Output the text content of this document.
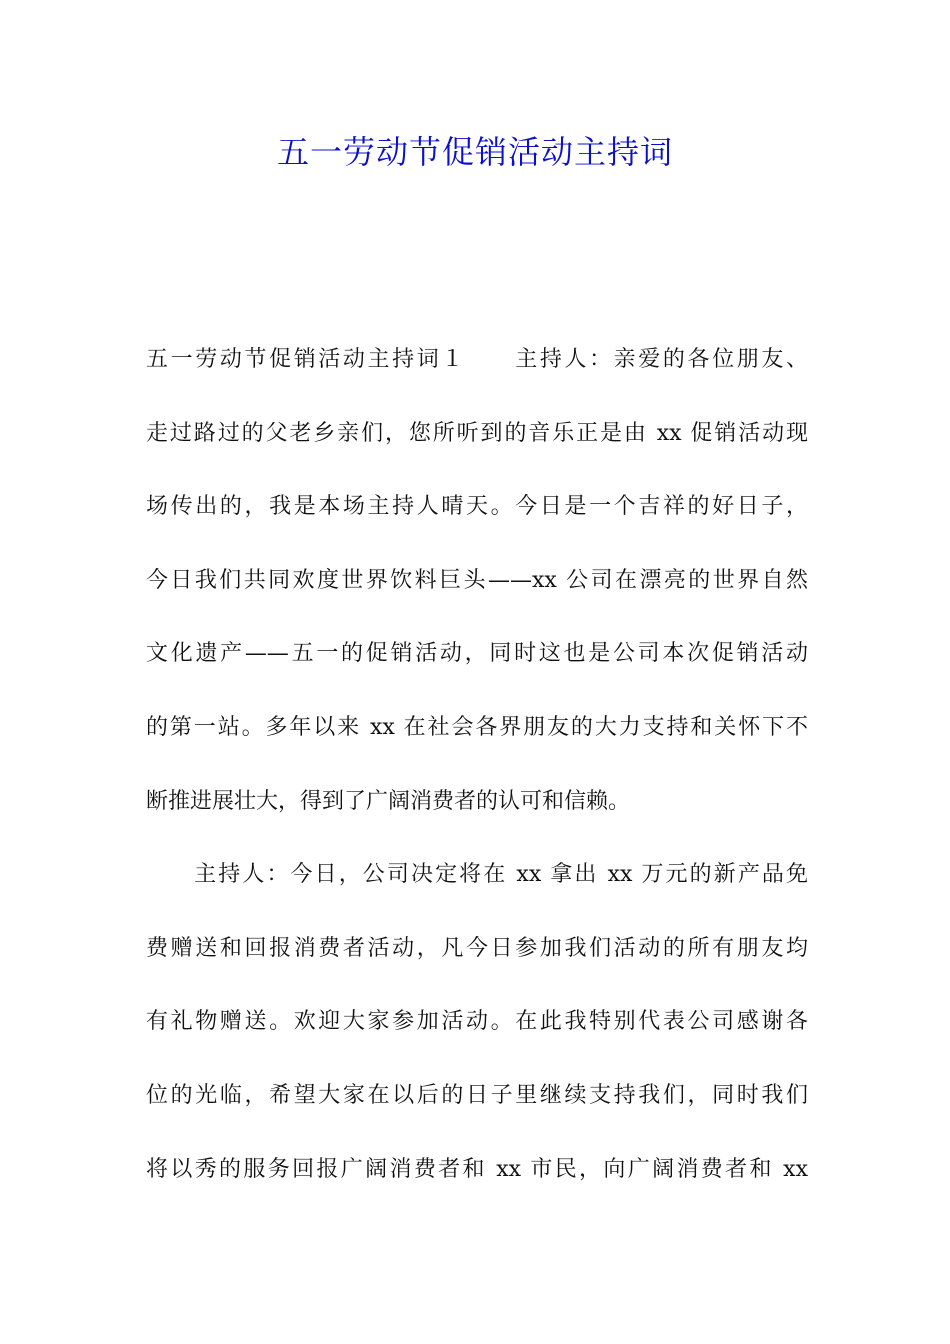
五一劳动节促销活动主持词
五一劳动节促销活动主持词１　　主持人：亲爱的各位朋友、
走过路过的父老乡亲们，您所听到的音乐正是由 xx 促销活动现
场传出的，我是本场主持人晴天。今日是一个吉祥的好日子，
今日我们共同欢度世界饮料巨头——xx 公司在漂亮的世界自然
文化遗产——五一的促销活动，同时这也是公司本次促销活动
的第一站。多年以来 xx 在社会各界朋友的大力支持和关怀下不
断推进展壮大，得到了广阔消费者的认可和信赖。
　　主持人：今日，公司决定将在 xx 拿出 xx 万元的新产品免
费赠送和回报消费者活动，凡今日参加我们活动的所有朋友均
有礼物赠送。欢迎大家参加活动。在此我特别代表公司感谢各
位的光临，希望大家在以后的日子里继续支持我们，同时我们
将以秀的服务回报广阔消费者和 xx 市民，向广阔消费者和 xx
